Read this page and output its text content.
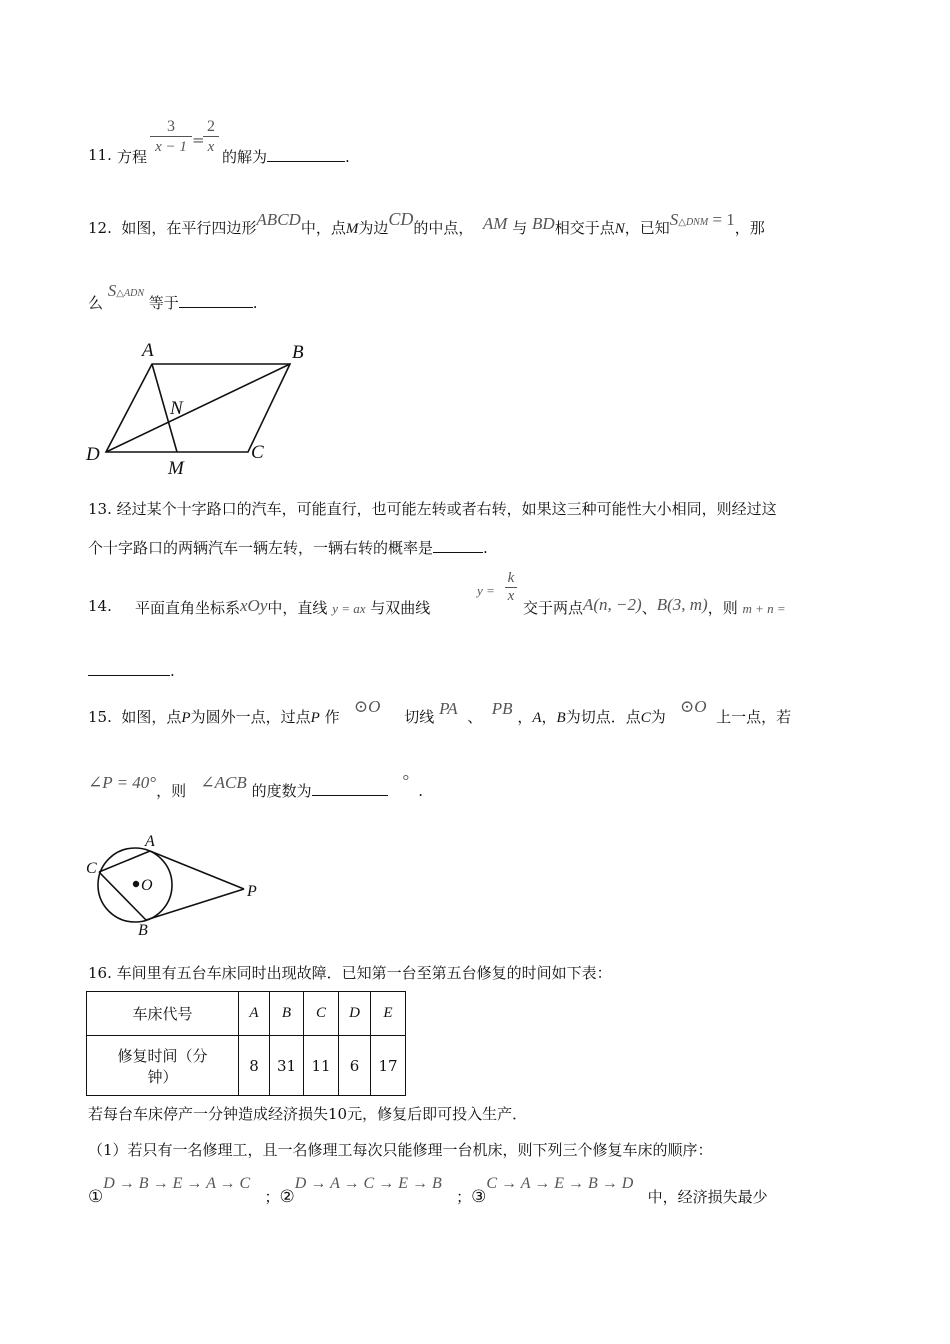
11. 方程
$\frac{3}{x - 1}$ =
$\frac{2}{x}$
的解为	.
12. 如图，在平行四边形ABCD中，点M为边CD的中点， AM 与 BD相交于点N，已知S△DNM = 1，那
么 S△ADN 等于	.
A	B
C
D
M
N
13. 经过某个十字路口的汽车，可能直行，也可能左转或者右转，如果这三种可能性大小相同，则经过这
个十字路口的两辆汽车一辆左转，一辆右转的概率是	.
14. 平面直角坐标系xOy中，直线 y = ax 与双曲线
$y = \frac{k}{x}$
交于两点A(n, −2)、B(3, m)，则 m + n =
.
15. 如图，点P为圆外一点，过点P 作   ⊙O     切线 PA 、 PB ，A，B为切点．点C为   ⊙O  上一点，若
∠P = 40°，则 ∠ACB 的度数为   °  .
A
B
C
O	P
16. 车间里有五台车床同时出现故障．已知第一台至第五台修复的时间如下表：
车床代号	A	B	C	D	E

修复时间（分
钟）	8	31	11	6	17
若每台车床停产一分钟造成经济损失10元，修复后即可投入生产．
（1）若只有一名修理工，且一名修理工每次只能修理一台机床，则下列三个修复车床的顺序：
①D → B → E → A → C   ；②D → A → C → E → B   ；③C → A → E → B → D   中，经济损失最少
